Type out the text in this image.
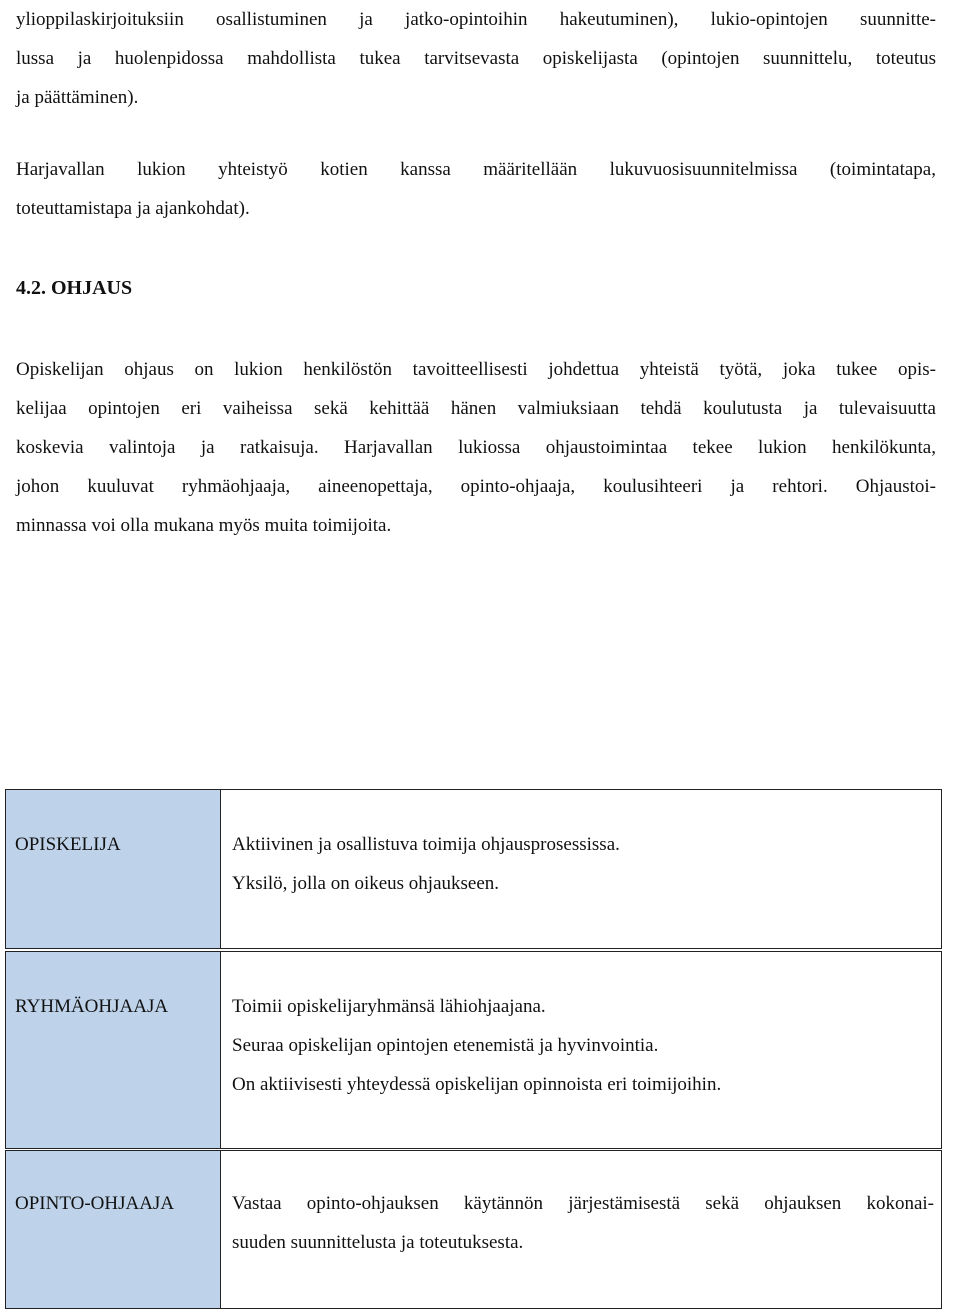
ylioppilaskirjoituksiin osallistuminen ja jatko-opintoihin hakeutuminen), lukio-opintojen suunnitte-
lussa ja huolenpidossa mahdollista tukea tarvitsevasta opiskelijasta (opintojen suunnittelu, toteutus
ja päättäminen).
Harjavallan lukion yhteistyö kotien kanssa määritellään lukuvuosisuunnitelmissa (toimintatapa,
toteuttamistapa ja ajankohdat).
4.2. OHJAUS
Opiskelijan ohjaus on lukion henkilöstön tavoitteellisesti johdettua yhteistä työtä, joka tukee opis-
kelijaa opintojen eri vaiheissa sekä kehittää hänen valmiuksiaan tehdä koulutusta ja tulevaisuutta
koskevia valintoja ja ratkaisuja. Harjavallan lukiossa ohjaustoimintaa tekee lukion henkilökunta,
johon kuuluvat ryhmäohjaaja, aineenopettaja, opinto-ohjaaja, koulusihteeri ja rehtori. Ohjaustoi-
minnassa voi olla mukana myös muita toimijoita.
OPISKELIJA	Aktiivinen ja osallistuva toimija ohjausprosessissa.
Yksilö, jolla on oikeus ohjaukseen.
RYHMÄOHJAAJA	Toimii opiskelijaryhmänsä lähiohjaajana.
Seuraa opiskelijan opintojen etenemistä ja hyvinvointia.
On aktiivisesti yhteydessä opiskelijan opinnoista eri toimijoihin.
OPINTO-OHJAAJA	Vastaa opinto-ohjauksen käytännön järjestämisestä sekä ohjauksen kokonai-
suuden suunnittelusta ja toteutuksesta.
